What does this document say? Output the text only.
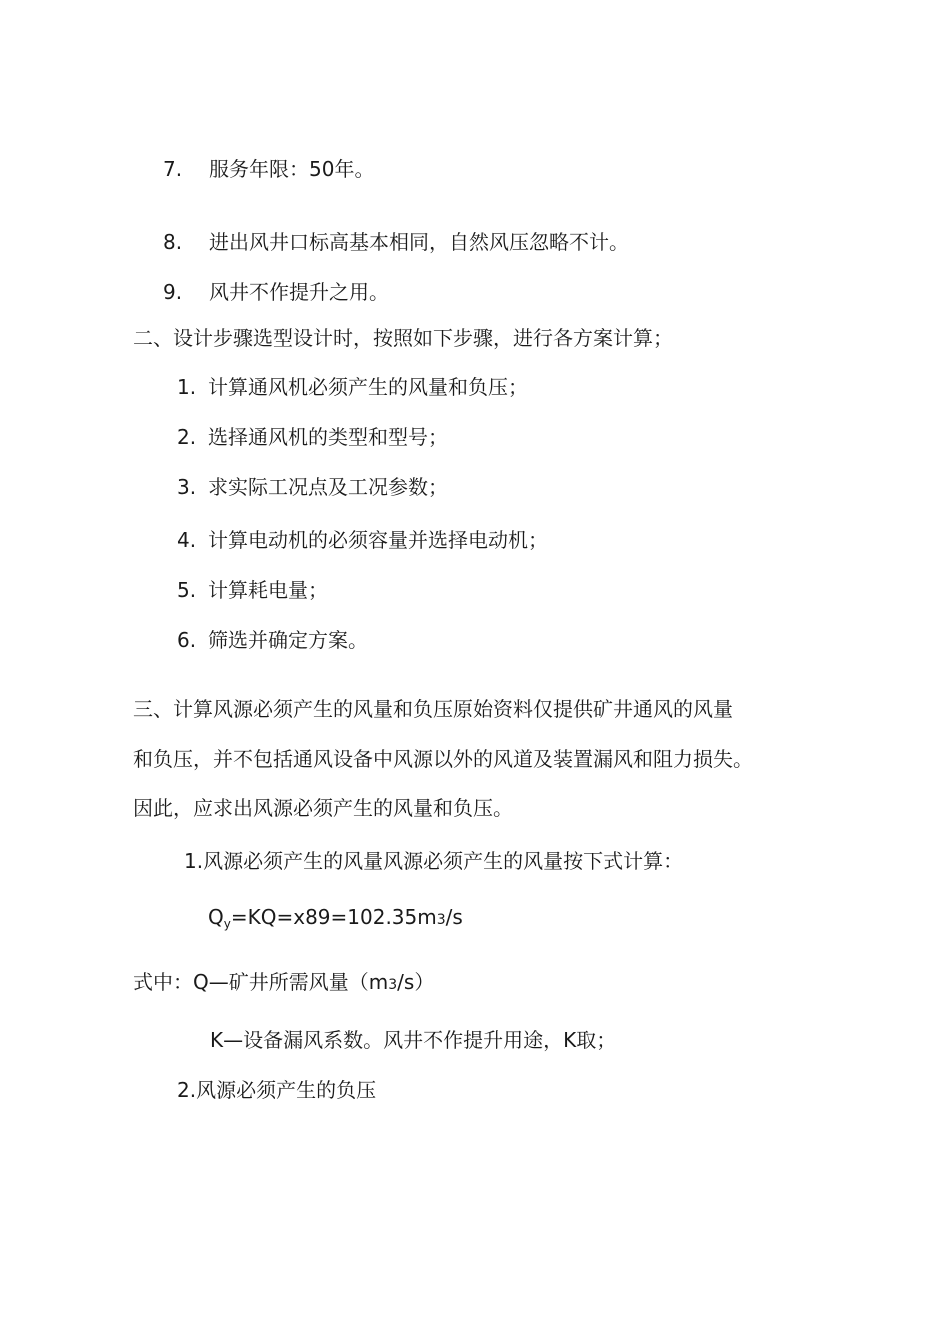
7. 服务年限：50年。
8. 进出风井口标高基本相同，自然风压忽略不计。
9. 风井不作提升之用。
二、设计步骤选型设计时，按照如下步骤，进行各方案计算；
1. 计算通风机必须产生的风量和负压；
2. 选择通风机的类型和型号；
3. 求实际工况点及工况参数；
4. 计算电动机的必须容量并选择电动机；
5. 计算耗电量；
6. 筛选并确定方案。
三、计算风源必须产生的风量和负压原始资料仅提供矿井通风的风量
和负压，并不包括通风设备中风源以外的风道及装置漏风和阻力损失。
因此，应求出风源必须产生的风量和负压。
1.风源必须产生的风量风源必须产生的风量按下式计算：
$Q_y=KQ=x89=102.35m3/s$
式中：Q—矿井所需风量（m3/s）
K—设备漏风系数。风井不作提升用途，K取；
2.风源必须产生的负压
